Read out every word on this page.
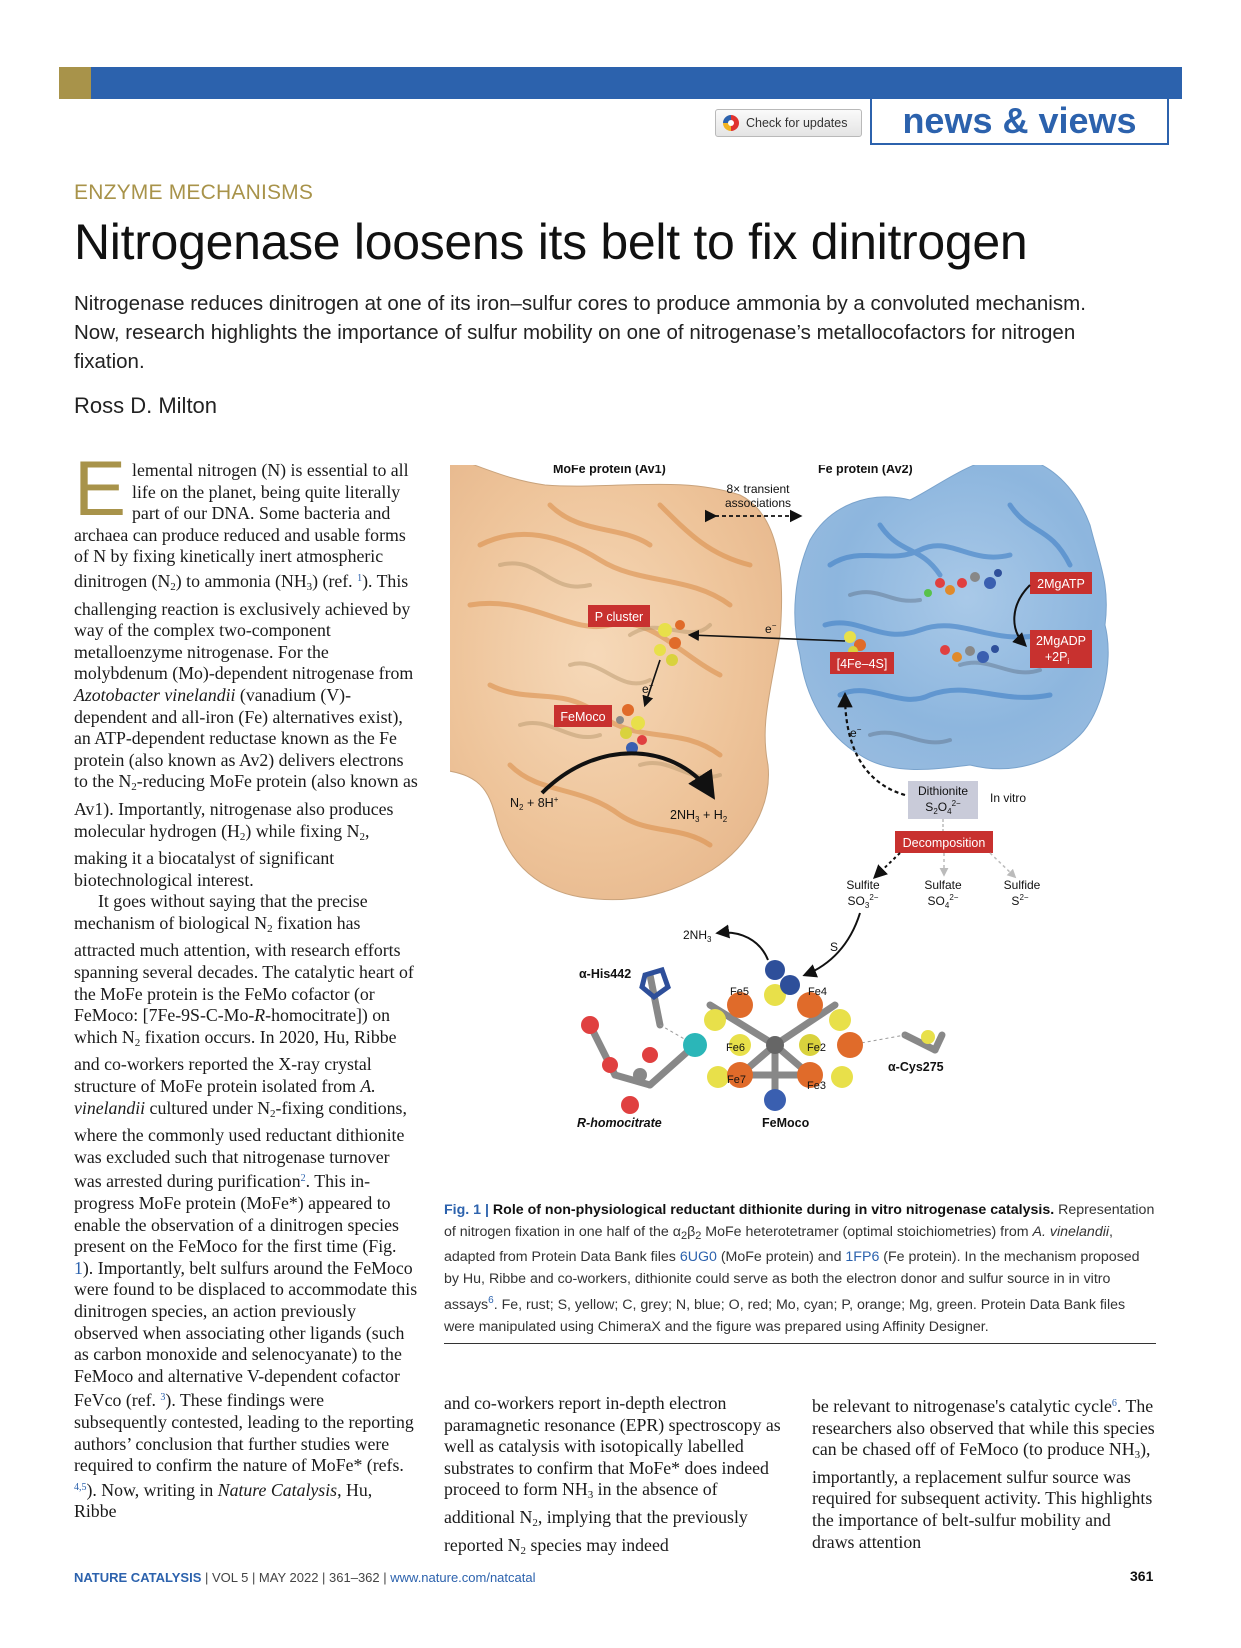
Check for updates	news & views
ENZYME MECHANISMS
Nitrogenase loosens its belt to fix dinitrogen
Nitrogenase reduces dinitrogen at one of its iron–sulfur cores to produce ammonia by a convoluted mechanism. Now, research highlights the importance of sulfur mobility on one of nitrogenase’s metallocofactors for nitrogen fixation.
Ross D. Milton

Elemental nitrogen (N) is essential to all life on the planet, being quite literally part of our DNA. Some bacteria and archaea can produce reduced and usable forms of N by fixing kinetically inert atmospheric dinitrogen $(N_2)$ to ammonia $(NH_3)$ (ref. $^1$). This challenging reaction is exclusively achieved by way of the complex two-component metalloenzyme nitrogenase. For the molybdenum (Mo)-dependent nitrogenase from Azotobacter vinelandii (vanadium (V)-dependent and all-iron (Fe) alternatives exist), an ATP-dependent reductase known as the Fe protein (also known as Av2) delivers electrons to the $N_2$-reducing MoFe protein (also known as Av1). Importantly, nitrogenase also produces molecular hydrogen $(H_2)$ while fixing $N_2$, making it a biocatalyst of significant biotechnological interest.

It goes without saying that the precise mechanism of biological $N_2$ fixation has attracted much attention, with research efforts spanning several decades. The catalytic heart of the MoFe protein is the FeMo cofactor (or FeMoco: [7Fe-9S-C-Mo-R-homocitrate]) on which $N_2$ fixation occurs. In 2020, Hu, Ribbe and co-workers reported the X-ray crystal structure of MoFe protein isolated from A. vinelandii cultured under $N_2$-fixing conditions, where the commonly used reductant dithionite was excluded such that nitrogenase turnover was arrested during purification$^2$. This in-progress MoFe protein (MoFe*) appeared to enable the observation of a dinitrogen species present on the FeMoco for the first time (Fig. 1). Importantly, belt sulfurs around the FeMoco were found to be displaced to accommodate this dinitrogen species, an action previously observed when associating other ligands (such as carbon monoxide and selenocyanate) to the FeMoco and alternative V-dependent cofactor FeVco (ref. $^3$). These findings were subsequently contested, leading to the reporting authors’ conclusion that further studies were required to confirm the nature of MoFe* (refs. $^{4,5}$). Now, writing in Nature Catalysis, Hu, Ribbe

MoFe protein (Av1)	Fe protein (Av2)
8× transient
associations
P cluster
FeMoco
[4Fe–4S]
2MgATP
2MgADP
$+2P_i$
e−
e−
$N_2 + 8H^+$
$2NH_3 + H_2$
e−
Dithionite
$S_2O_4^{2-}$ In vitro
Decomposition
Sulfite
$SO_3^{2-}$
Sulfate
$SO_4^{2-}$
Sulfide
$S^{2-}$
S
$2NH_3$
α-His442
α-Cys275
R-homocitrate	FeMoco
Fe5	Fe4
Fe6	Fe2
Fe7	Fe3
Fig. 1 | Role of non-physiological reductant dithionite during in vitro nitrogenase catalysis. Representation of nitrogen fixation in one half of the $\alpha_2\beta_2$ MoFe heterotetramer (optimal stoichiometries) from A. vinelandii, adapted from Protein Data Bank files 6UG0 (MoFe protein) and 1FP6 (Fe protein). In the mechanism proposed by Hu, Ribbe and co-workers, dithionite could serve as both the electron donor and sulfur source in in vitro assays$^6$. Fe, rust; S, yellow; C, grey; N, blue; O, red; Mo, cyan; P, orange; Mg, green. Protein Data Bank files were manipulated using ChimeraX and the figure was prepared using Affinity Designer.

and co-workers report in-depth electron paramagnetic resonance (EPR) spectroscopy as well as catalysis with isotopically labelled substrates to confirm that MoFe* does indeed proceed to form $NH_3$ in the absence of additional $N_2$, implying that the previously reported $N_2$ species may indeed

be relevant to nitrogenase's catalytic cycle$^6$. The researchers also observed that while this species can be chased off of FeMoco (to produce $NH_3$), importantly, a replacement sulfur source was required for subsequent activity. This highlights the importance of belt-sulfur mobility and draws attention

NATURE CATALYSIS | VOL 5 | MAY 2022 | 361–362 | www.nature.com/natcatal	361
